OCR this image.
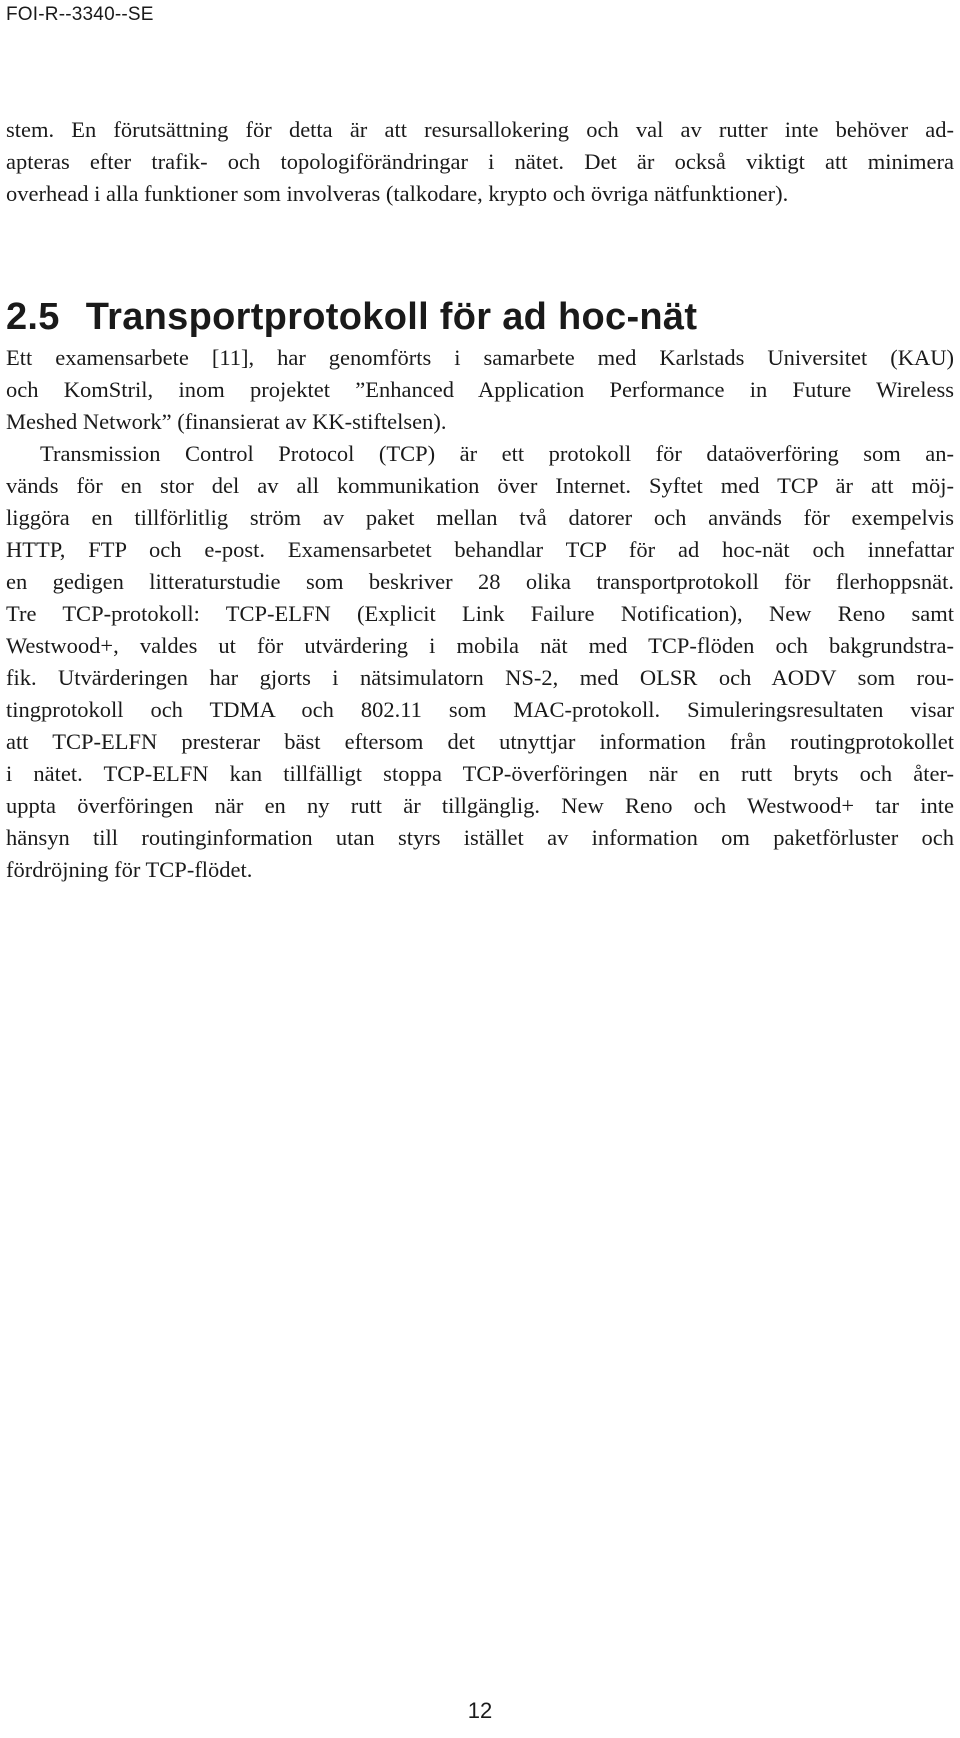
FOI-R--3340--SE
stem. En förutsättning för detta är att resursallokering och val av rutter inte behöver ad-
apteras efter trafik- och topologiförändringar i nätet. Det är också viktigt att minimera
overhead i alla funktioner som involveras (talkodare, krypto och övriga nätfunktioner).
2.5 Transportprotokoll för ad hoc-nät
Ett examensarbete [11], har genomförts i samarbete med Karlstads Universitet (KAU)
och KomStril, inom projektet ”Enhanced Application Performance in Future Wireless
Meshed Network” (finansierat av KK-stiftelsen).
Transmission Control Protocol (TCP) är ett protokoll för dataöverföring som an-
vänds för en stor del av all kommunikation över Internet. Syftet med TCP är att möj-
liggöra en tillförlitlig ström av paket mellan två datorer och används för exempelvis
HTTP, FTP och e-post. Examensarbetet behandlar TCP för ad hoc-nät och innefattar
en gedigen litteraturstudie som beskriver 28 olika transportprotokoll för flerhoppsnät.
Tre TCP-protokoll: TCP-ELFN (Explicit Link Failure Notification), New Reno samt
Westwood+, valdes ut för utvärdering i mobila nät med TCP-flöden och bakgrundstra-
fik. Utvärderingen har gjorts i nätsimulatorn NS-2, med OLSR och AODV som rou-
tingprotokoll och TDMA och 802.11 som MAC-protokoll. Simuleringsresultaten visar
att TCP-ELFN presterar bäst eftersom det utnyttjar information från routingprotokollet
i nätet. TCP-ELFN kan tillfälligt stoppa TCP-överföringen när en rutt bryts och åter-
uppta överföringen när en ny rutt är tillgänglig. New Reno och Westwood+ tar inte
hänsyn till routinginformation utan styrs istället av information om paketförluster och
fördröjning för TCP-flödet.
12
